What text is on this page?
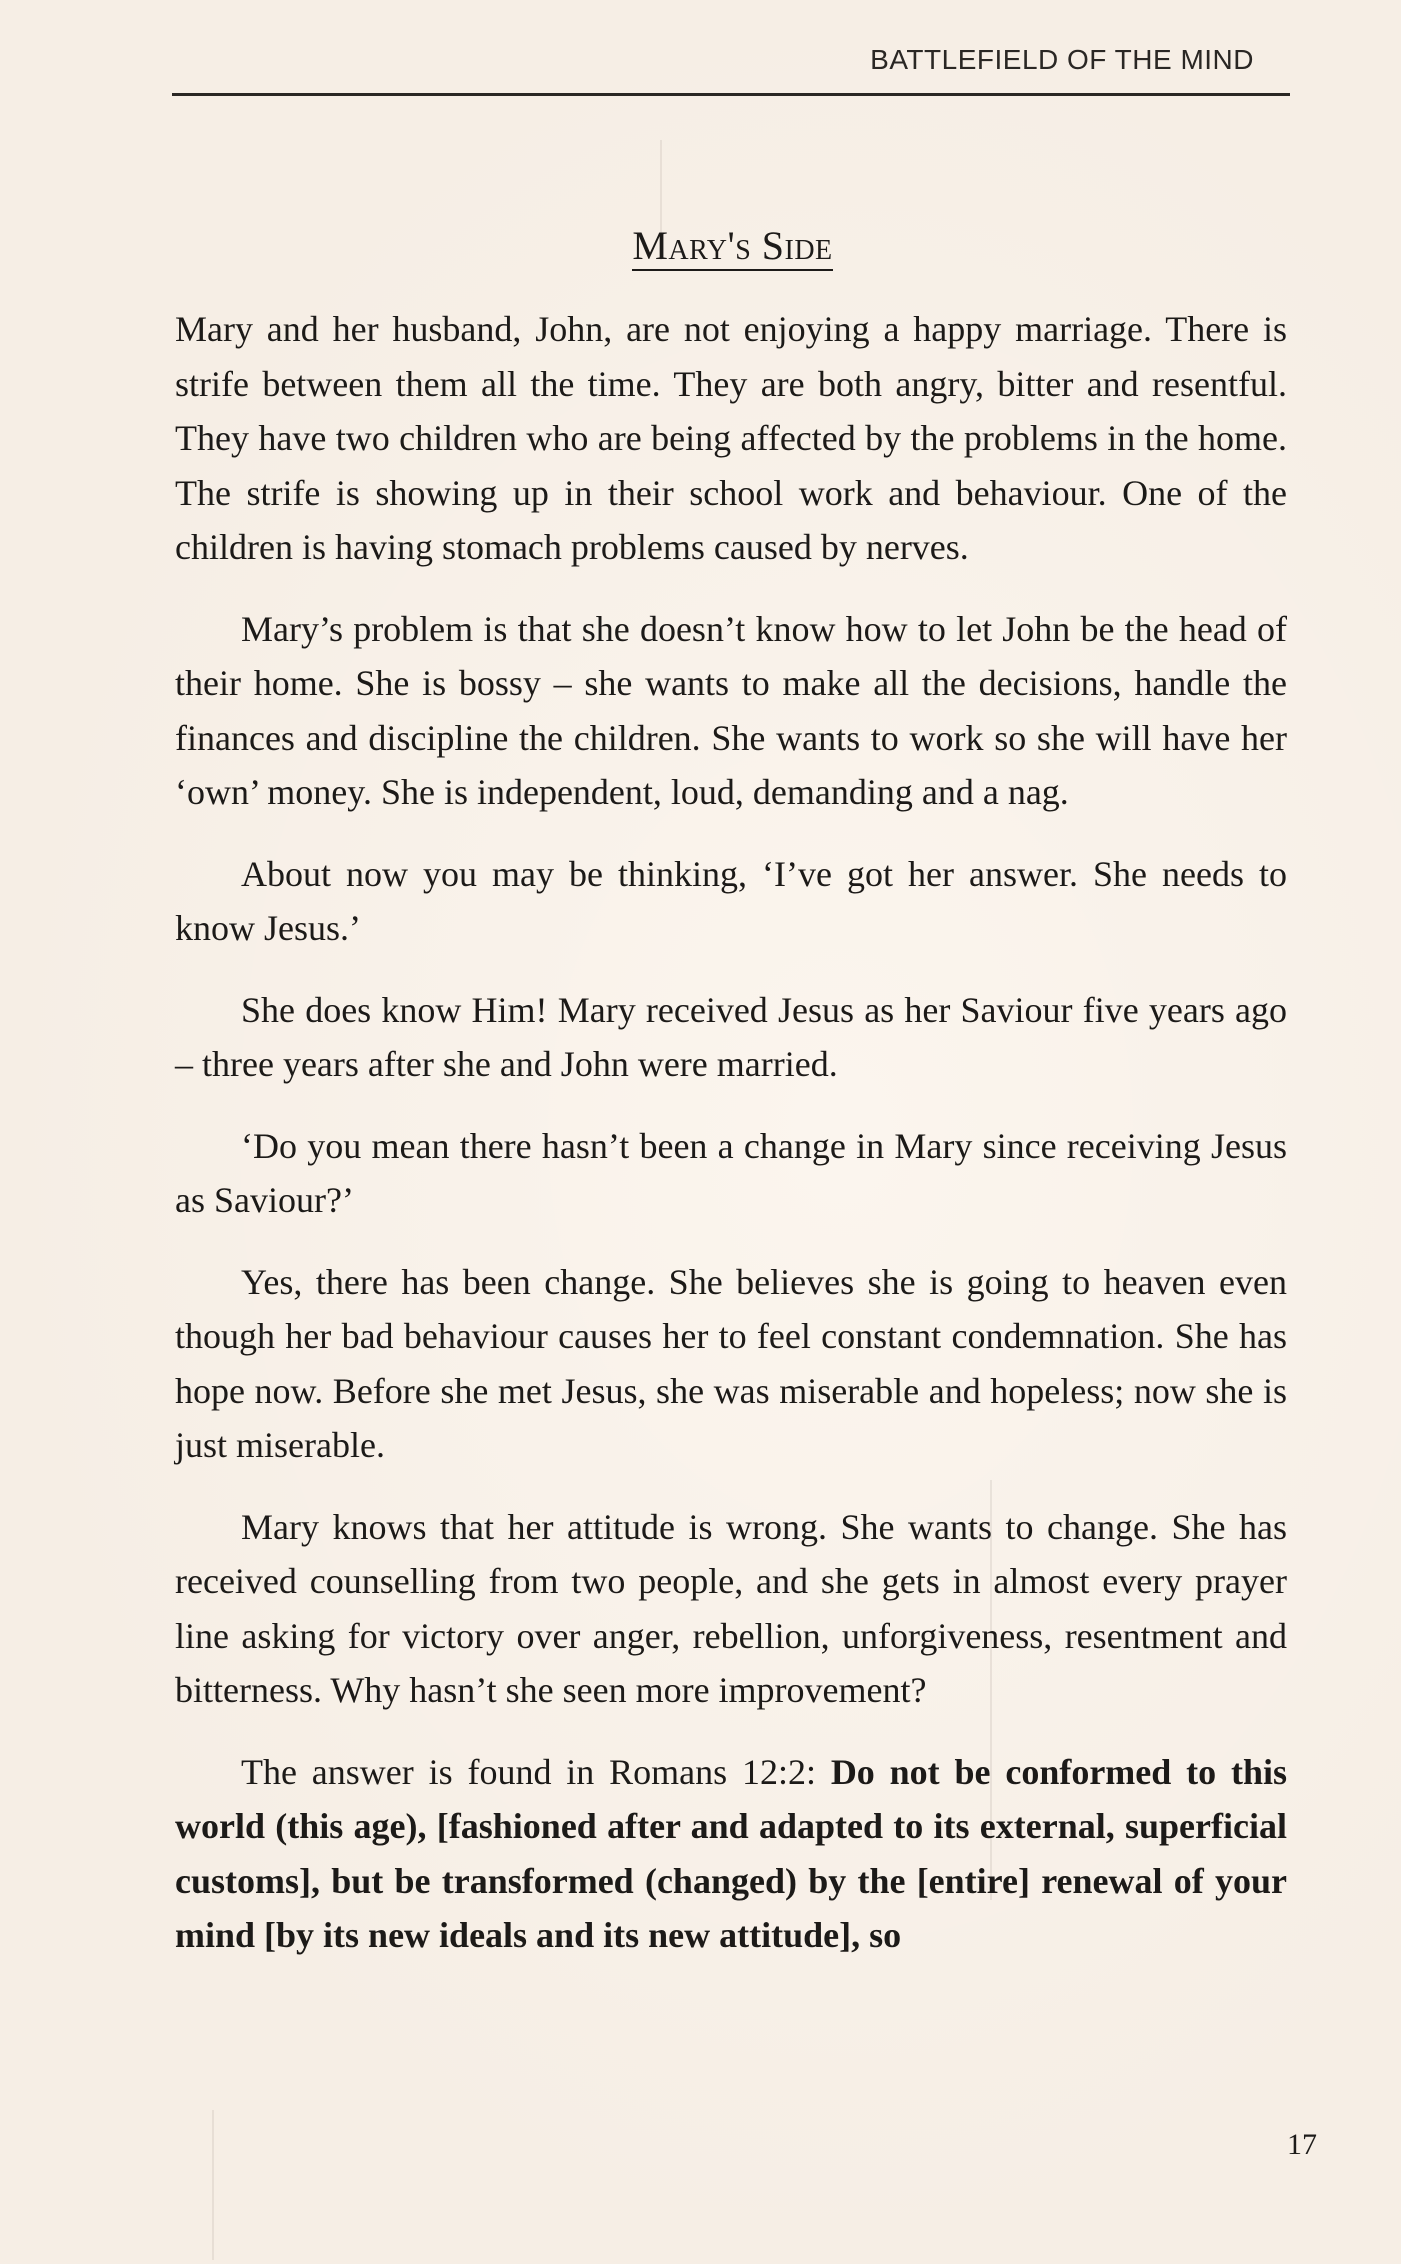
BATTLEFIELD OF THE MIND
Mary's Side

Mary and her husband, John, are not enjoying a happy marriage. There is strife between them all the time. They are both angry, bitter and resentful. They have two children who are being affected by the problems in the home. The strife is showing up in their school work and behaviour. One of the children is having stomach problems caused by nerves.

Mary’s problem is that she doesn’t know how to let John be the head of their home. She is bossy – she wants to make all the decisions, handle the finances and discipline the children. She wants to work so she will have her ‘own’ money. She is independent, loud, demanding and a nag.

About now you may be thinking, ‘I’ve got her answer. She needs to know Jesus.’

She does know Him! Mary received Jesus as her Saviour five years ago – three years after she and John were married.

‘Do you mean there hasn’t been a change in Mary since receiving Jesus as Saviour?’

Yes, there has been change. She believes she is going to heaven even though her bad behaviour causes her to feel constant condemnation. She has hope now. Before she met Jesus, she was miserable and hopeless; now she is just miserable.

Mary knows that her attitude is wrong. She wants to change. She has received counselling from two people, and she gets in almost every prayer line asking for victory over anger, rebellion, unforgiveness, resentment and bitterness. Why hasn’t she seen more improvement?

The answer is found in Romans 12:2: Do not be conformed to this world (this age), [fashioned after and adapted to its external, superficial customs], but be transformed (changed) by the [entire] renewal of your mind [by its new ideals and its new attitude], so

17
